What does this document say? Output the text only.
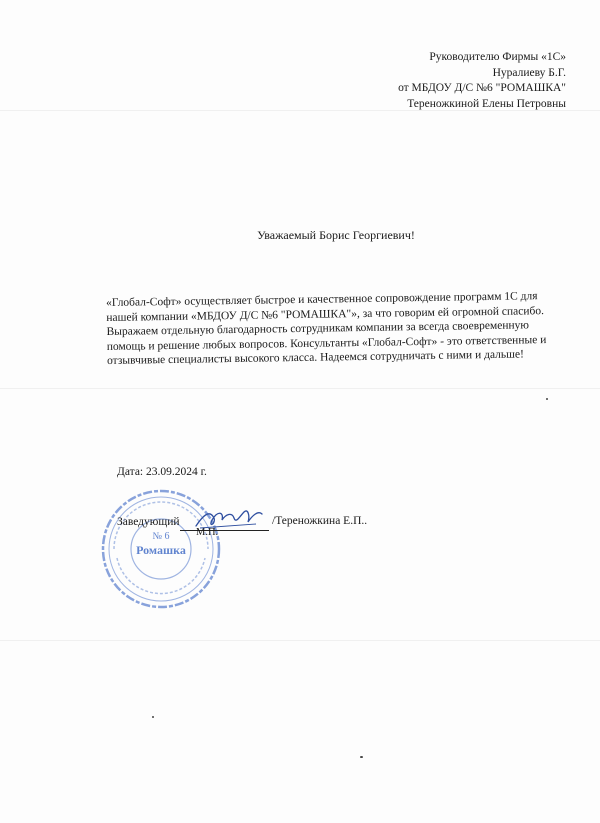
Руководителю Фирмы «1С»
Нуралиеву Б.Г.
от МБДОУ Д/С №6 "РОМАШКА"
Тереножкиной Елены Петровны
Уважаемый Борис Георгиевич!
«Глобал-Софт» осуществляет быстрое и качественное сопровождение программ 1С для
нашей компании «МБДОУ Д/С №6 "РОМАШКА"», за что говорим ей огромной спасибо.
Выражаем отдельную благодарность сотрудникам компании за всегда своевременную
помощь и решение любых вопросов. Консультанты «Глобал-Софт» - это ответственные и
отзывчивые специалисты высокого класса. Надеемся сотрудничать с ними и дальше!
Дата: 23.09.2024 г.
№ 6
Ромашка
Заведующий	/Тереножкина Е.П..
М.П.
